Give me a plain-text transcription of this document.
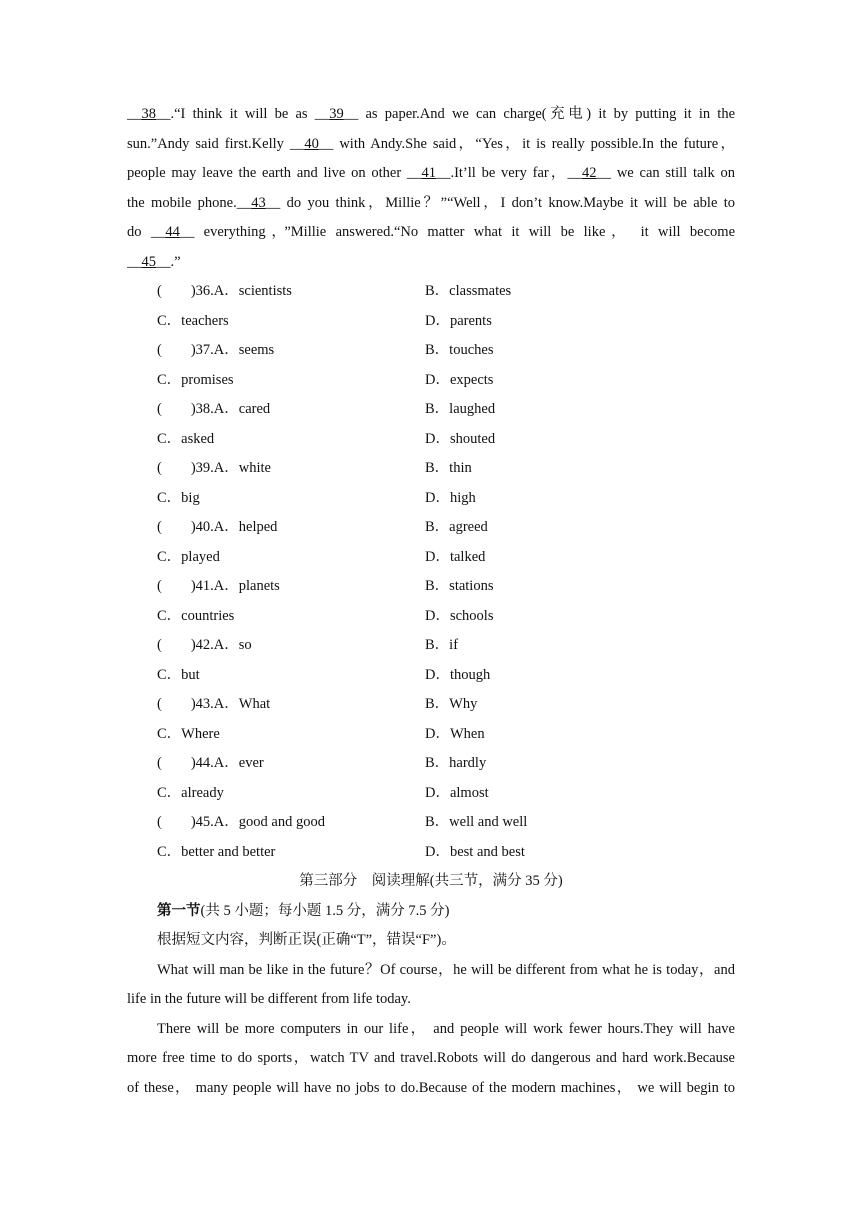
__38__.“I think it will be as __39__ as paper.And we can charge(充电) it by putting it in the
sun.”Andy said first.Kelly __40__ with Andy.She said，“Yes，it is really possible.In the future，
people may leave the earth and live on other __41__.It’ll be very far，__42__ we can still talk on
the mobile phone.__43__ do you think，Millie？”“Well，I don’t know.Maybe it will be able to
do __44__ everything，”Millie answered.“No matter what it will be like， it will become
__45__.”
(　　)36.A．scientists	B．classmates
C．teachers	D．parents
(　　)37.A．seems	B．touches
C．promises	D．expects
(　　)38.A．cared	B．laughed
C．asked	D．shouted
(　　)39.A．white	B．thin
C．big	D．high
(　　)40.A．helped	B．agreed
C．played	D．talked
(　　)41.A．planets	B．stations
C．countries	D．schools
(　　)42.A．so	B．if
C．but	D．though
(　　)43.A．What	B．Why
C．Where	D．When
(　　)44.A．ever	B．hardly
C．already	D．almost
(　　)45.A．good and good	B．well and well
C．better and better	D．best and best
第三部分　阅读理解(共三节，满分 35 分)
第一节(共 5 小题；每小题 1.5 分，满分 7.5 分)
根据短文内容，判断正误(正确“T”，错误“F”)。
What will man be like in the future？Of course，he will be different from what he is today，and
life in the future will be different from life today.
There will be more computers in our life， and people will work fewer hours.They will have
more free time to do sports，watch TV and travel.Robots will do dangerous and hard work.Because
of these， many people will have no jobs to do.Because of the modern machines， we will begin to
